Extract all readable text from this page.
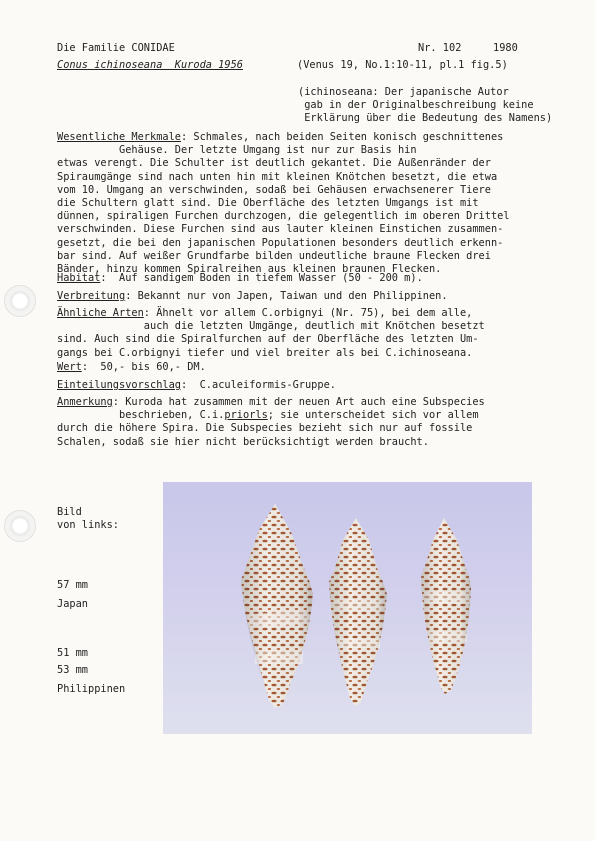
Die Familie CONIDAE	Nr. 102	1980

Conus ichinoseana  Kuroda 1956	(Venus 19, No.1:10-11, pl.1 fig.5)

(ichinoseana: Der japanische Autor

gab in der Originalbeschreibung keine

Erklärung über die Bedeutung des Namens)

Wesentliche Merkmale: Schmales, nach beiden Seiten konisch geschnittenes

Gehäuse. Der letzte Umgang ist nur zur Basis hin

etwas verengt. Die Schulter ist deutlich gekantet. Die Außenränder der

Spiraumgänge sind nach unten hin mit kleinen Knötchen besetzt, die etwa

vom 10. Umgang an verschwinden, sodaß bei Gehäusen erwachsenerer Tiere

die Schultern glatt sind. Die Oberfläche des letzten Umgangs ist mit

dünnen, spiraligen Furchen durchzogen, die gelegentlich im oberen Drittel

verschwinden. Diese Furchen sind aus lauter kleinen Einstichen zusammen-

gesetzt, die bei den japanischen Populationen besonders deutlich erkenn-

bar sind. Auf weißer Grundfarbe bilden undeutliche braune Flecken drei

Bänder, hinzu kommen Spiralreihen aus kleinen braunen Flecken.

Habitat:  Auf sandigem Boden in tiefem Wasser (50 - 200 m).

Verbreitung: Bekannt nur von Japen, Taiwan und den Philippinen.

Ähnliche Arten: Ähnelt vor allem C.orbignyi (Nr. 75), bei dem alle,

auch die letzten Umgänge, deutlich mit Knötchen besetzt

sind. Auch sind die Spiralfurchen auf der Oberfläche des letzten Um-

gangs bei C.orbignyi tiefer und viel breiter als bei C.ichinoseana.

Wert:  50,- bis 60,- DM.

Einteilungsvorschlag:  C.aculeiformis-Gruppe.

Anmerkung: Kuroda hat zusammen mit der neuen Art auch eine Subspecies

beschrieben, C.i.priorls; sie unterscheidet sich vor allem

durch die höhere Spira. Die Subspecies bezieht sich nur auf fossile

Schalen, sodaß sie hier nicht berücksichtigt werden braucht.

Bild

von links:

57 mm

Japan

51 mm

53 mm

Philippinen
